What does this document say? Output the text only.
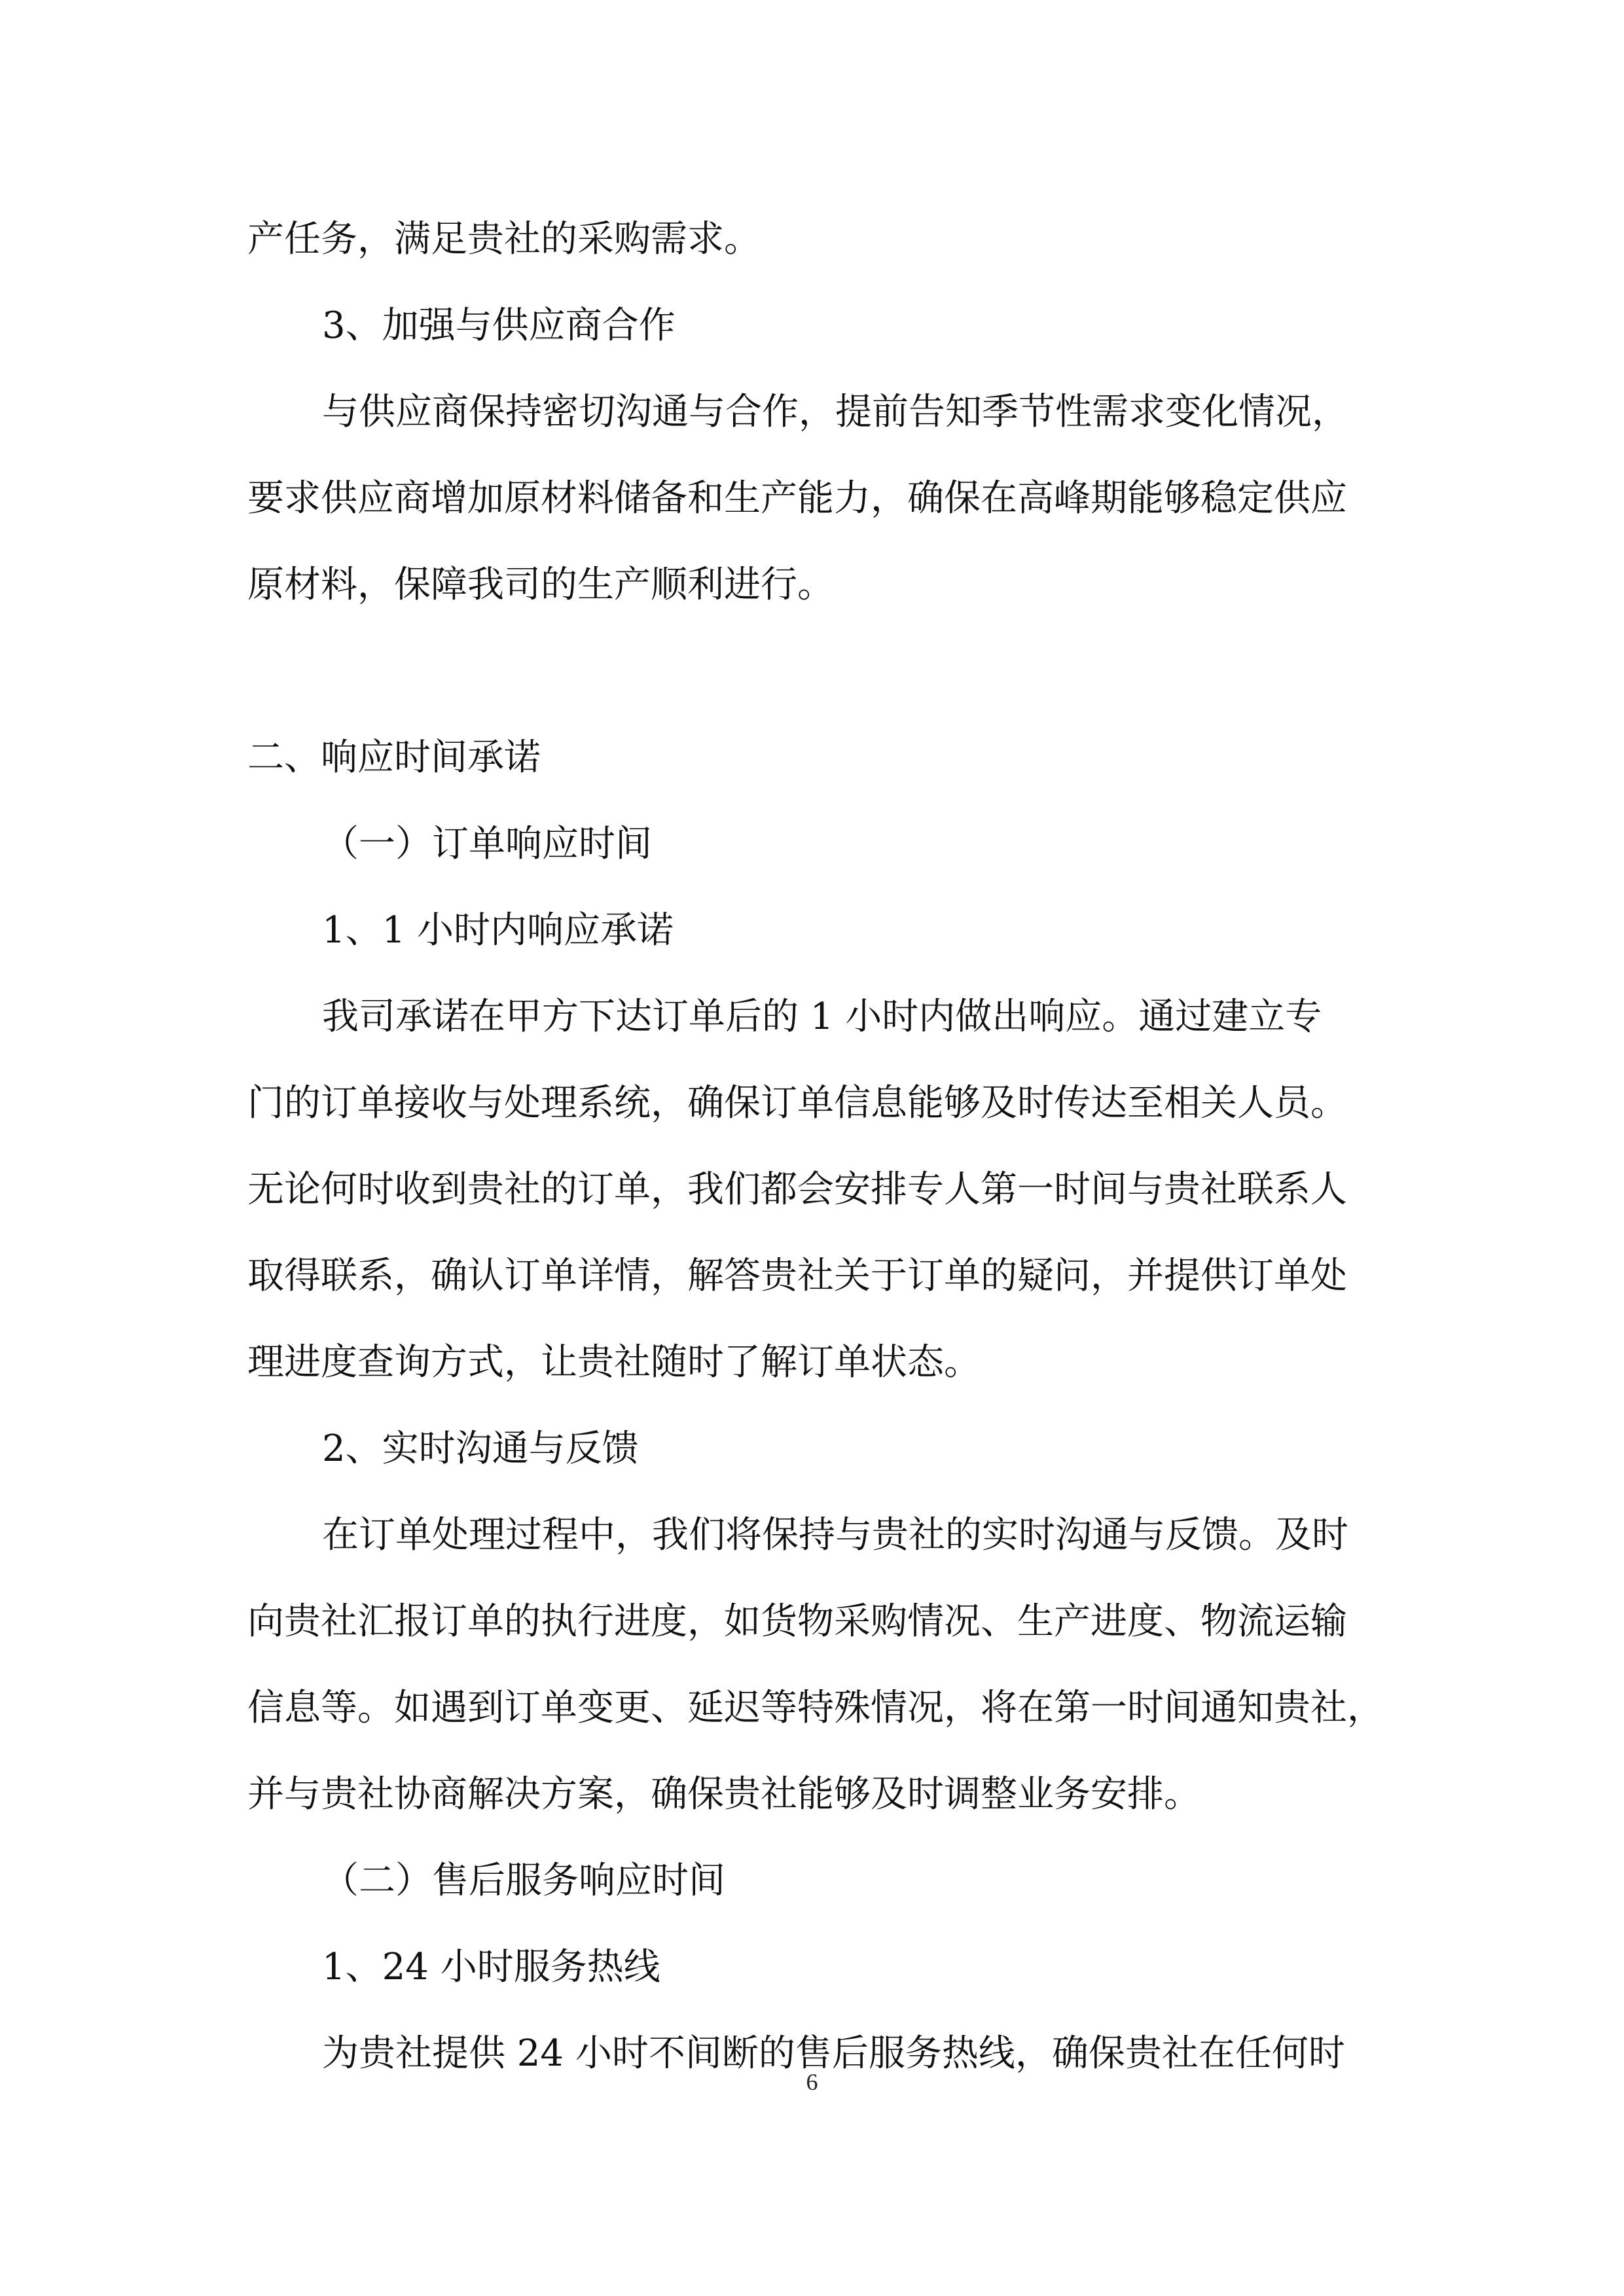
产任务，满足贵社的采购需求。
3、加强与供应商合作
与供应商保持密切沟通与合作，提前告知季节性需求变化情况，
要求供应商增加原材料储备和生产能力，确保在高峰期能够稳定供应
原材料，保障我司的生产顺利进行。
二、响应时间承诺
（一）订单响应时间
1、1 小时内响应承诺
我司承诺在甲方下达订单后的 1 小时内做出响应。通过建立专
门的订单接收与处理系统，确保订单信息能够及时传达至相关人员。
无论何时收到贵社的订单，我们都会安排专人第一时间与贵社联系人
取得联系，确认订单详情，解答贵社关于订单的疑问，并提供订单处
理进度查询方式，让贵社随时了解订单状态。
2、实时沟通与反馈
在订单处理过程中，我们将保持与贵社的实时沟通与反馈。及时
向贵社汇报订单的执行进度，如货物采购情况、生产进度、物流运输
信息等。如遇到订单变更、延迟等特殊情况，将在第一时间通知贵社，
并与贵社协商解决方案，确保贵社能够及时调整业务安排。
（二）售后服务响应时间
1、24 小时服务热线
为贵社提供 24 小时不间断的售后服务热线，确保贵社在任何时
6
